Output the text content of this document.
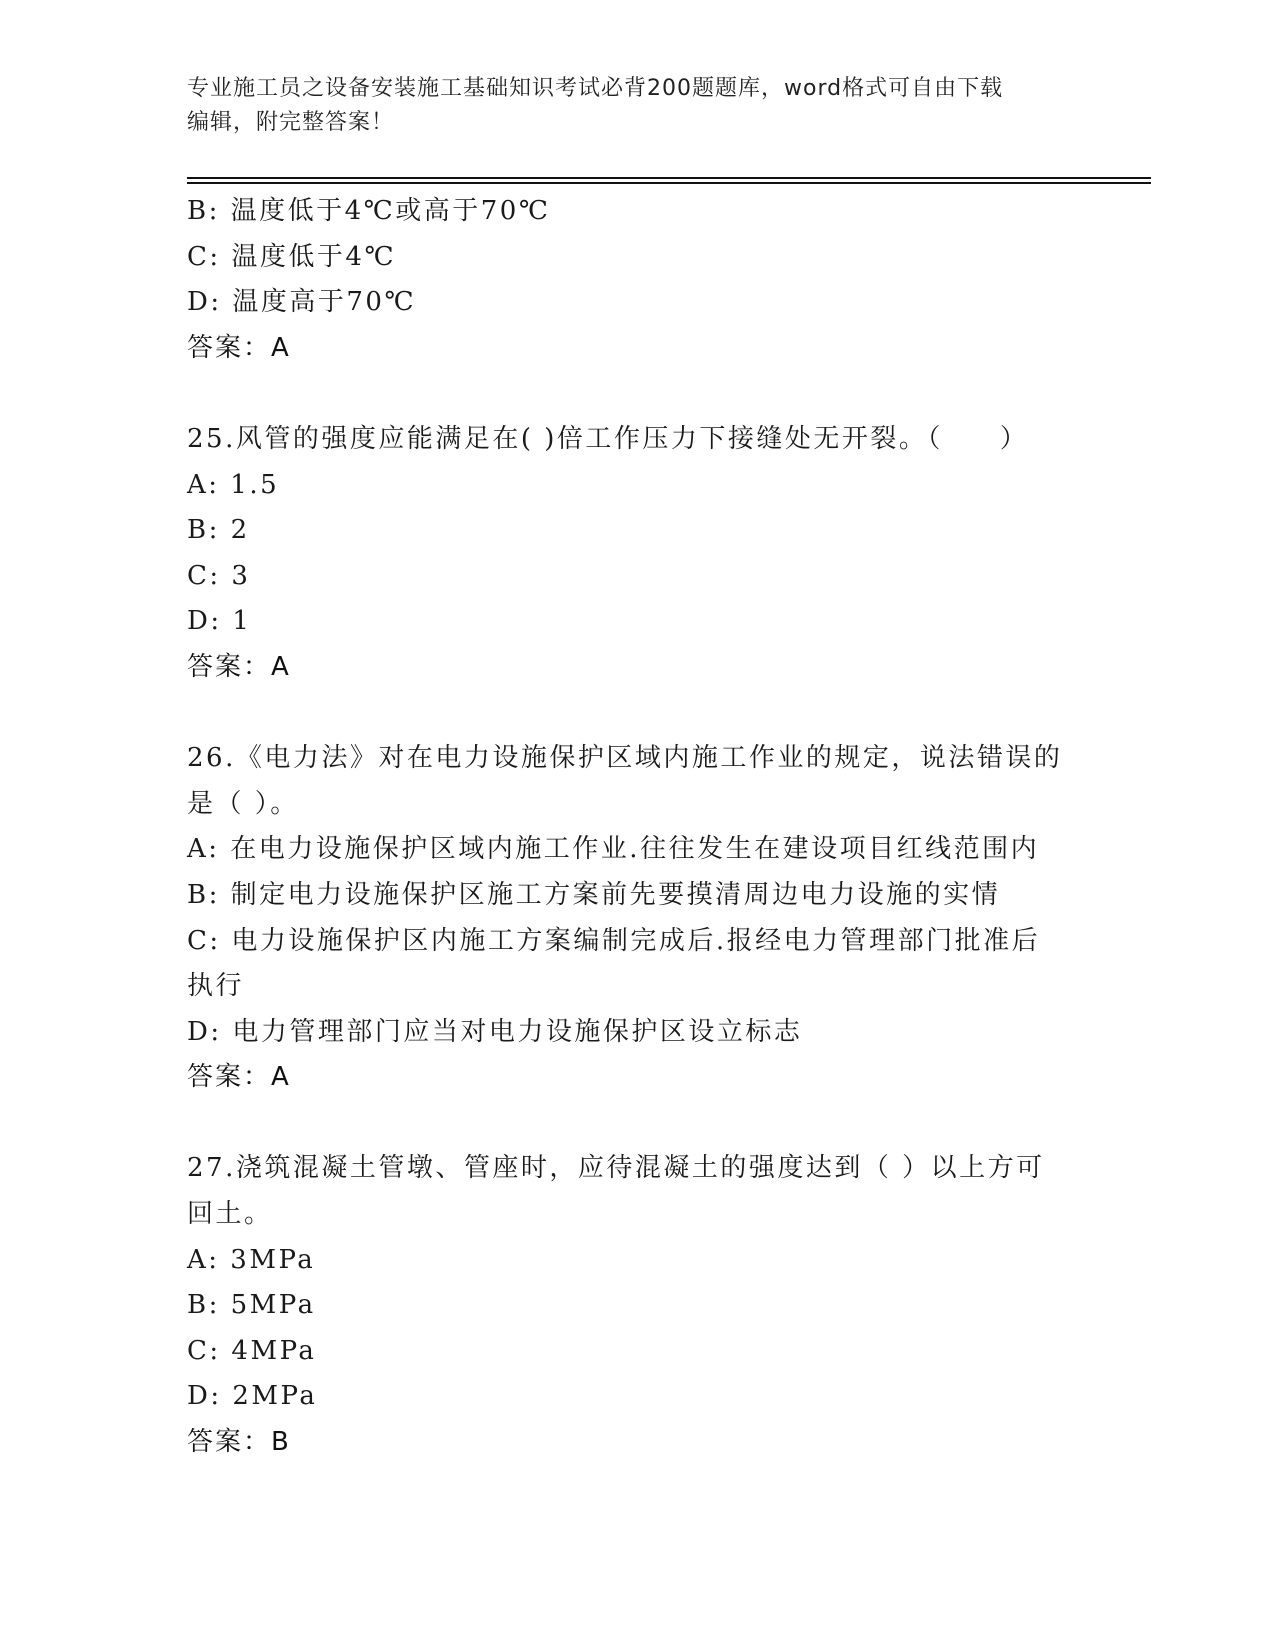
专业施工员之设备安装施工基础知识考试必背200题题库，word格式可自由下载
编辑，附完整答案！
B: 温度低于4℃或高于70℃
C: 温度低于4℃
D: 温度高于70℃
答案：A
25.风管的强度应能满足在( )倍工作压力下接缝处无开裂。（　　）
A: 1.5
B: 2
C: 3
D: 1
答案：A
26.《电力法》对在电力设施保护区域内施工作业的规定，说法错误的
是（ ）。
A: 在电力设施保护区域内施工作业.往往发生在建设项目红线范围内
B: 制定电力设施保护区施工方案前先要摸清周边电力设施的实情
C: 电力设施保护区内施工方案编制完成后.报经电力管理部门批准后
执行
D: 电力管理部门应当对电力设施保护区设立标志
答案：A
27.浇筑混凝土管墩、管座时，应待混凝土的强度达到（ ）以上方可
回土。
A: 3MPa
B: 5MPa
C: 4MPa
D: 2MPa
答案：B
